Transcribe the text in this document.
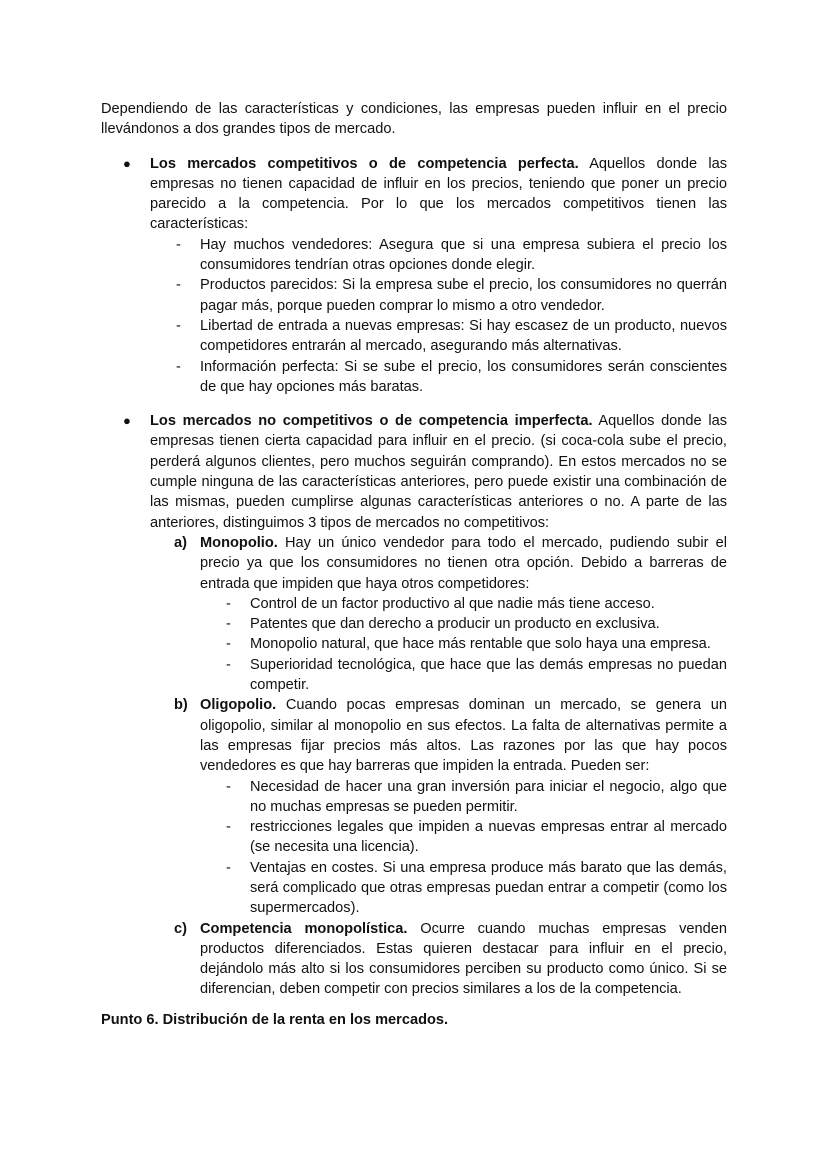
Dependiendo de las características y condiciones, las empresas pueden influir en el precio llevándonos a dos grandes tipos de mercado.

● Los mercados competitivos o de competencia perfecta. Aquellos donde las empresas no tienen capacidad de influir en los precios, teniendo que poner un precio parecido a la competencia. Por lo que los mercados competitivos tienen las características:

- Hay muchos vendedores: Asegura que si una empresa subiera el precio los consumidores tendrían otras opciones donde elegir.
- Productos parecidos: Si la empresa sube el precio, los consumidores no querrán pagar más, porque pueden comprar lo mismo a otro vendedor.
- Libertad de entrada a nuevas empresas: Si hay escasez de un producto, nuevos competidores entrarán al mercado, asegurando más alternativas.
- Información perfecta: Si se sube el precio, los consumidores serán conscientes de que hay opciones más baratas.
● Los mercados no competitivos o de competencia imperfecta. Aquellos donde las empresas tienen cierta capacidad para influir en el precio. (si coca-cola sube el precio, perderá algunos clientes, pero muchos seguirán comprando). En estos mercados no se cumple ninguna de las características anteriores, pero puede existir una combinación de las mismas, pueden cumplirse algunas características anteriores o no. A parte de las anteriores, distinguimos 3 tipos de mercados no competitivos:

a) Monopolio. Hay un único vendedor para todo el mercado, pudiendo subir el precio ya que los consumidores no tienen otra opción. Debido a barreras de entrada que impiden que haya otros competidores:

- Control de un factor productivo al que nadie más tiene acceso.
- Patentes que dan derecho a producir un producto en exclusiva.
- Monopolio natural, que hace más rentable que solo haya una empresa.
- Superioridad tecnológica, que hace que las demás empresas no puedan competir.
b) Oligopolio. Cuando pocas empresas dominan un mercado, se genera un oligopolio, similar al monopolio en sus efectos. La falta de alternativas permite a las empresas fijar precios más altos. Las razones por las que hay pocos vendedores es que hay barreras que impiden la entrada. Pueden ser:

- Necesidad de hacer una gran inversión para iniciar el negocio, algo que no muchas empresas se pueden permitir.
- restricciones legales que impiden a nuevas empresas entrar al mercado (se necesita una licencia).
- Ventajas en costes. Si una empresa produce más barato que las demás, será complicado que otras empresas puedan entrar a competir (como los supermercados).
c) Competencia monopolística. Ocurre cuando muchas empresas venden productos diferenciados. Estas quieren destacar para influir en el precio, dejándolo más alto si los consumidores perciben su producto como único. Si se diferencian, deben competir con precios similares a los de la competencia.

Punto 6. Distribución de la renta en los mercados.
